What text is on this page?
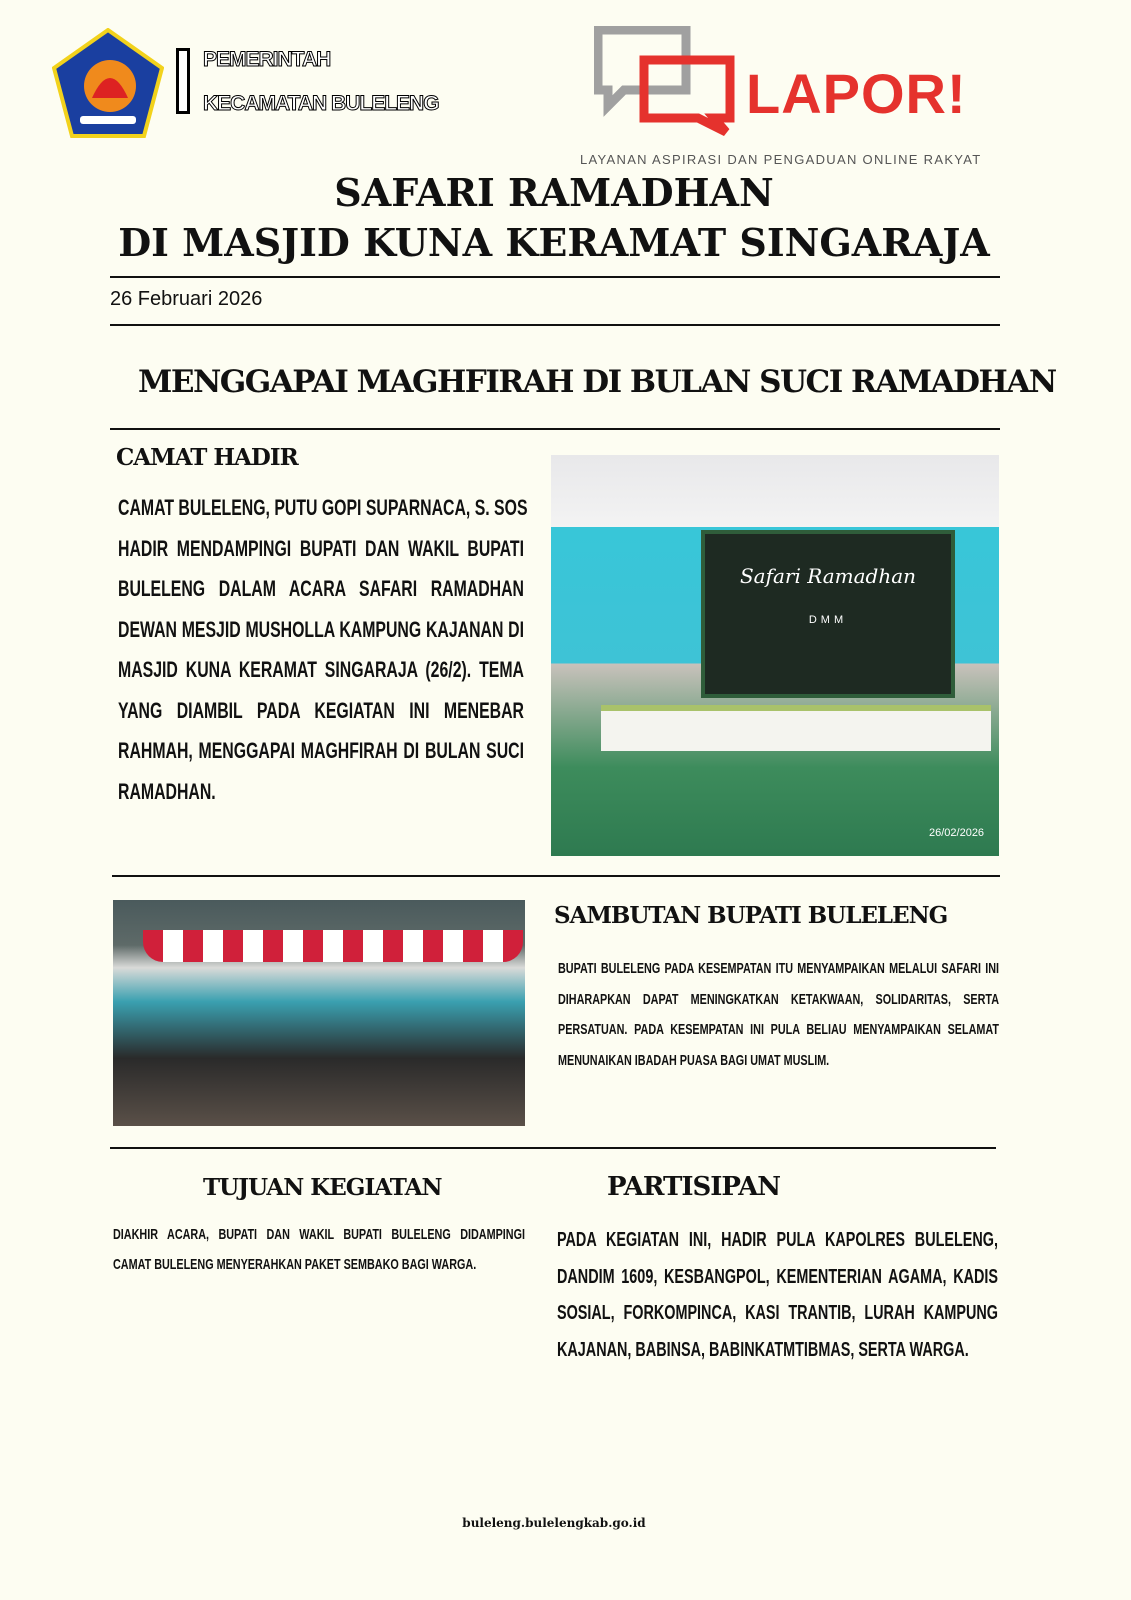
PEMERINTAH
KECAMATAN BULELENG	LAPOR!
LAYANAN ASPIRASI DAN PENGADUAN ONLINE RAKYAT
SAFARI RAMADHAN
DI MASJID KUNA KERAMAT SINGARAJA
26 Februari 2026
MENGGAPAI MAGHFIRAH DI BULAN SUCI RAMADHAN
CAMAT HADIR
CAMAT BULELENG, PUTU GOPI SUPARNACA, S. SOS
HADIR MENDAMPINGI BUPATI DAN WAKIL BUPATI
BULELENG DALAM ACARA SAFARI RAMADHAN
DEWAN MESJID MUSHOLLA KAMPUNG KAJANAN DI
MASJID KUNA KERAMAT SINGARAJA (26/2). TEMA
YANG DIAMBIL PADA KEGIATAN INI MENEBAR
RAHMAH, MENGGAPAI MAGHFIRAH DI BULAN SUCI
RAMADHAN.
Safari Ramadhan
DMM
26/02/2026
SAMBUTAN BUPATI BULELENG
BUPATI BULELENG PADA KESEMPATAN ITU MENYAMPAIKAN MELALUI SAFARI INI
DIHARAPKAN DAPAT MENINGKATKAN KETAKWAAN, SOLIDARITAS, SERTA
PERSATUAN. PADA KESEMPATAN INI PULA BELIAU MENYAMPAIKAN SELAMAT
MENUNAIKAN IBADAH PUASA BAGI UMAT MUSLIM.
TUJUAN KEGIATAN
DIAKHIR ACARA, BUPATI DAN WAKIL BUPATI BULELENG DIDAMPINGI
CAMAT BULELENG MENYERAHKAN PAKET SEMBAKO BAGI WARGA.
PARTISIPAN
PADA KEGIATAN INI, HADIR PULA KAPOLRES BULELENG,
DANDIM 1609, KESBANGPOL, KEMENTERIAN AGAMA, KADIS
SOSIAL, FORKOMPINCA, KASI TRANTIB, LURAH KAMPUNG
KAJANAN, BABINSA, BABINKATMTIBMAS, SERTA WARGA.
buleleng.bulelengkab.go.id
